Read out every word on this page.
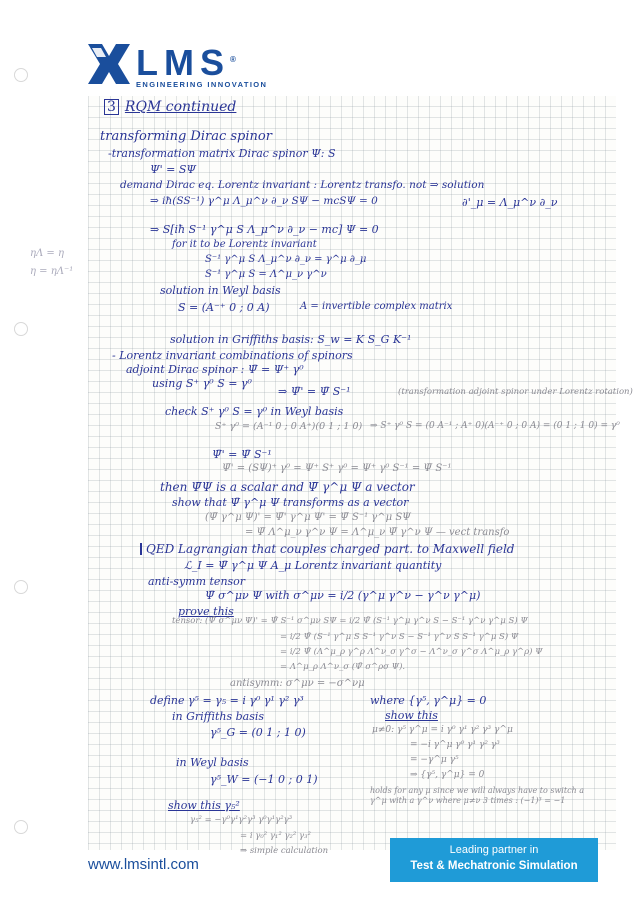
LMS®
ENGINEERING INNOVATION
3 RQM continued
transforming Dirac spinor
-transformation matrix Dirac spinor Ψ: S
Ψ' = SΨ
demand Dirac eq. Lorentz invariant : Lorentz transfo. not ⇒ solution
⇒ iħ(SS⁻¹) γ^μ Λ_μ^ν ∂_ν SΨ − mcSΨ = 0	∂'_μ = Λ_μ^ν ∂_ν
⇒ S[iħ S⁻¹ γ^μ S Λ_μ^ν ∂_ν − mc] Ψ = 0
for it to be Lorentz invariant
S⁻¹ γ^μ S Λ_μ^ν ∂_ν = γ^μ ∂_μ
S⁻¹ γ^μ S = Λ^μ_ν γ^ν
solution in Weyl basis
S = (A⁻⁺ 0 ; 0 A)	A = invertible complex matrix
solution in Griffiths basis: S_w = K S_G K⁻¹
- Lorentz invariant combinations of spinors
adjoint Dirac spinor : Ψ̄ = Ψ⁺ γ⁰
using S⁺ γ⁰ S = γ⁰
⇒ Ψ̄' = Ψ̄ S⁻¹	(transformation adjoint spinor under Lorentz rotation)
check S⁺ γ⁰ S = γ⁰ in Weyl basis
S⁺ γ⁰ = (A⁻¹ 0 ; 0 A⁺)(0 1 ; 1 0) ⇒ S⁺ γ⁰ S = (0 A⁻¹ ; A⁺ 0)(A⁻⁺ 0 ; 0 A) = (0 1 ; 1 0) = γ⁰
Ψ̄' = Ψ̄ S⁻¹
Ψ̄' = (SΨ)⁺ γ⁰ = Ψ⁺ S⁺ γ⁰ = Ψ⁺ γ⁰ S⁻¹ = Ψ̄ S⁻¹
then Ψ̄Ψ is a scalar and Ψ̄ γ^μ Ψ a vector
show that Ψ̄ γ^μ Ψ transforms as a vector
(Ψ̄ γ^μ Ψ)' = Ψ̄' γ^μ Ψ' = Ψ̄ S⁻¹ γ^μ SΨ
= Ψ̄ Λ^μ_ν γ^ν Ψ = Λ^μ_ν Ψ̄ γ^ν Ψ — vect transfo
QED Lagrangian that couples charged part. to Maxwell field
ℒ_I = Ψ̄ γ^μ Ψ A_μ Lorentz invariant quantity
anti-symm tensor
Ψ̄ σ^μν Ψ with σ^μν = i/2 (γ^μ γ^ν − γ^ν γ^μ)
prove this
tensor: (Ψ̄ σ^μν Ψ)' = Ψ̄ S⁻¹ σ^μν SΨ = i/2 Ψ̄ (S⁻¹ γ^μ γ^ν S − S⁻¹ γ^ν γ^μ S) Ψ
= i/2 Ψ̄ (S⁻¹ γ^μ S S⁻¹ γ^ν S − S⁻¹ γ^ν S S⁻¹ γ^μ S) Ψ
= i/2 Ψ̄ (Λ^μ_ρ γ^ρ Λ^ν_σ γ^σ − Λ^ν_σ γ^σ Λ^μ_ρ γ^ρ) Ψ
= Λ^μ_ρ Λ^ν_σ (Ψ̄ σ^ρσ Ψ).
antisymm: σ^μν = −σ^νμ
define γ⁵ = γ₅ = i γ⁰ γ¹ γ² γ³	where {γ⁵, γ^μ} = 0
in Griffiths basis
γ⁵_G = (0 1 ; 1 0)
show this
μ≠0: γ⁵ γ^μ = i γ⁰ γ¹ γ² γ³ γ^μ
= −i γ^μ γ⁰ γ¹ γ² γ³
= −γ^μ γ⁵
in Weyl basis
γ⁵_W = (−1 0 ; 0 1)	⇒ {γ⁵, γ^μ} = 0
holds for any μ since we will always have to switch a γ^μ with a γ^ν where μ≠ν 3 times : (−1)³ = −1
show this γ₅²
γ₅² = −γ⁰γ¹γ²γ³ γ⁰γ¹γ²γ³
= i γ₀² γ₁² γ₂² γ₃²
⇒ simple calculation
ηΛ = η
η = ηΛ⁻¹
www.lmsintl.com
Leading partner in
Test & Mechatronic Simulation
